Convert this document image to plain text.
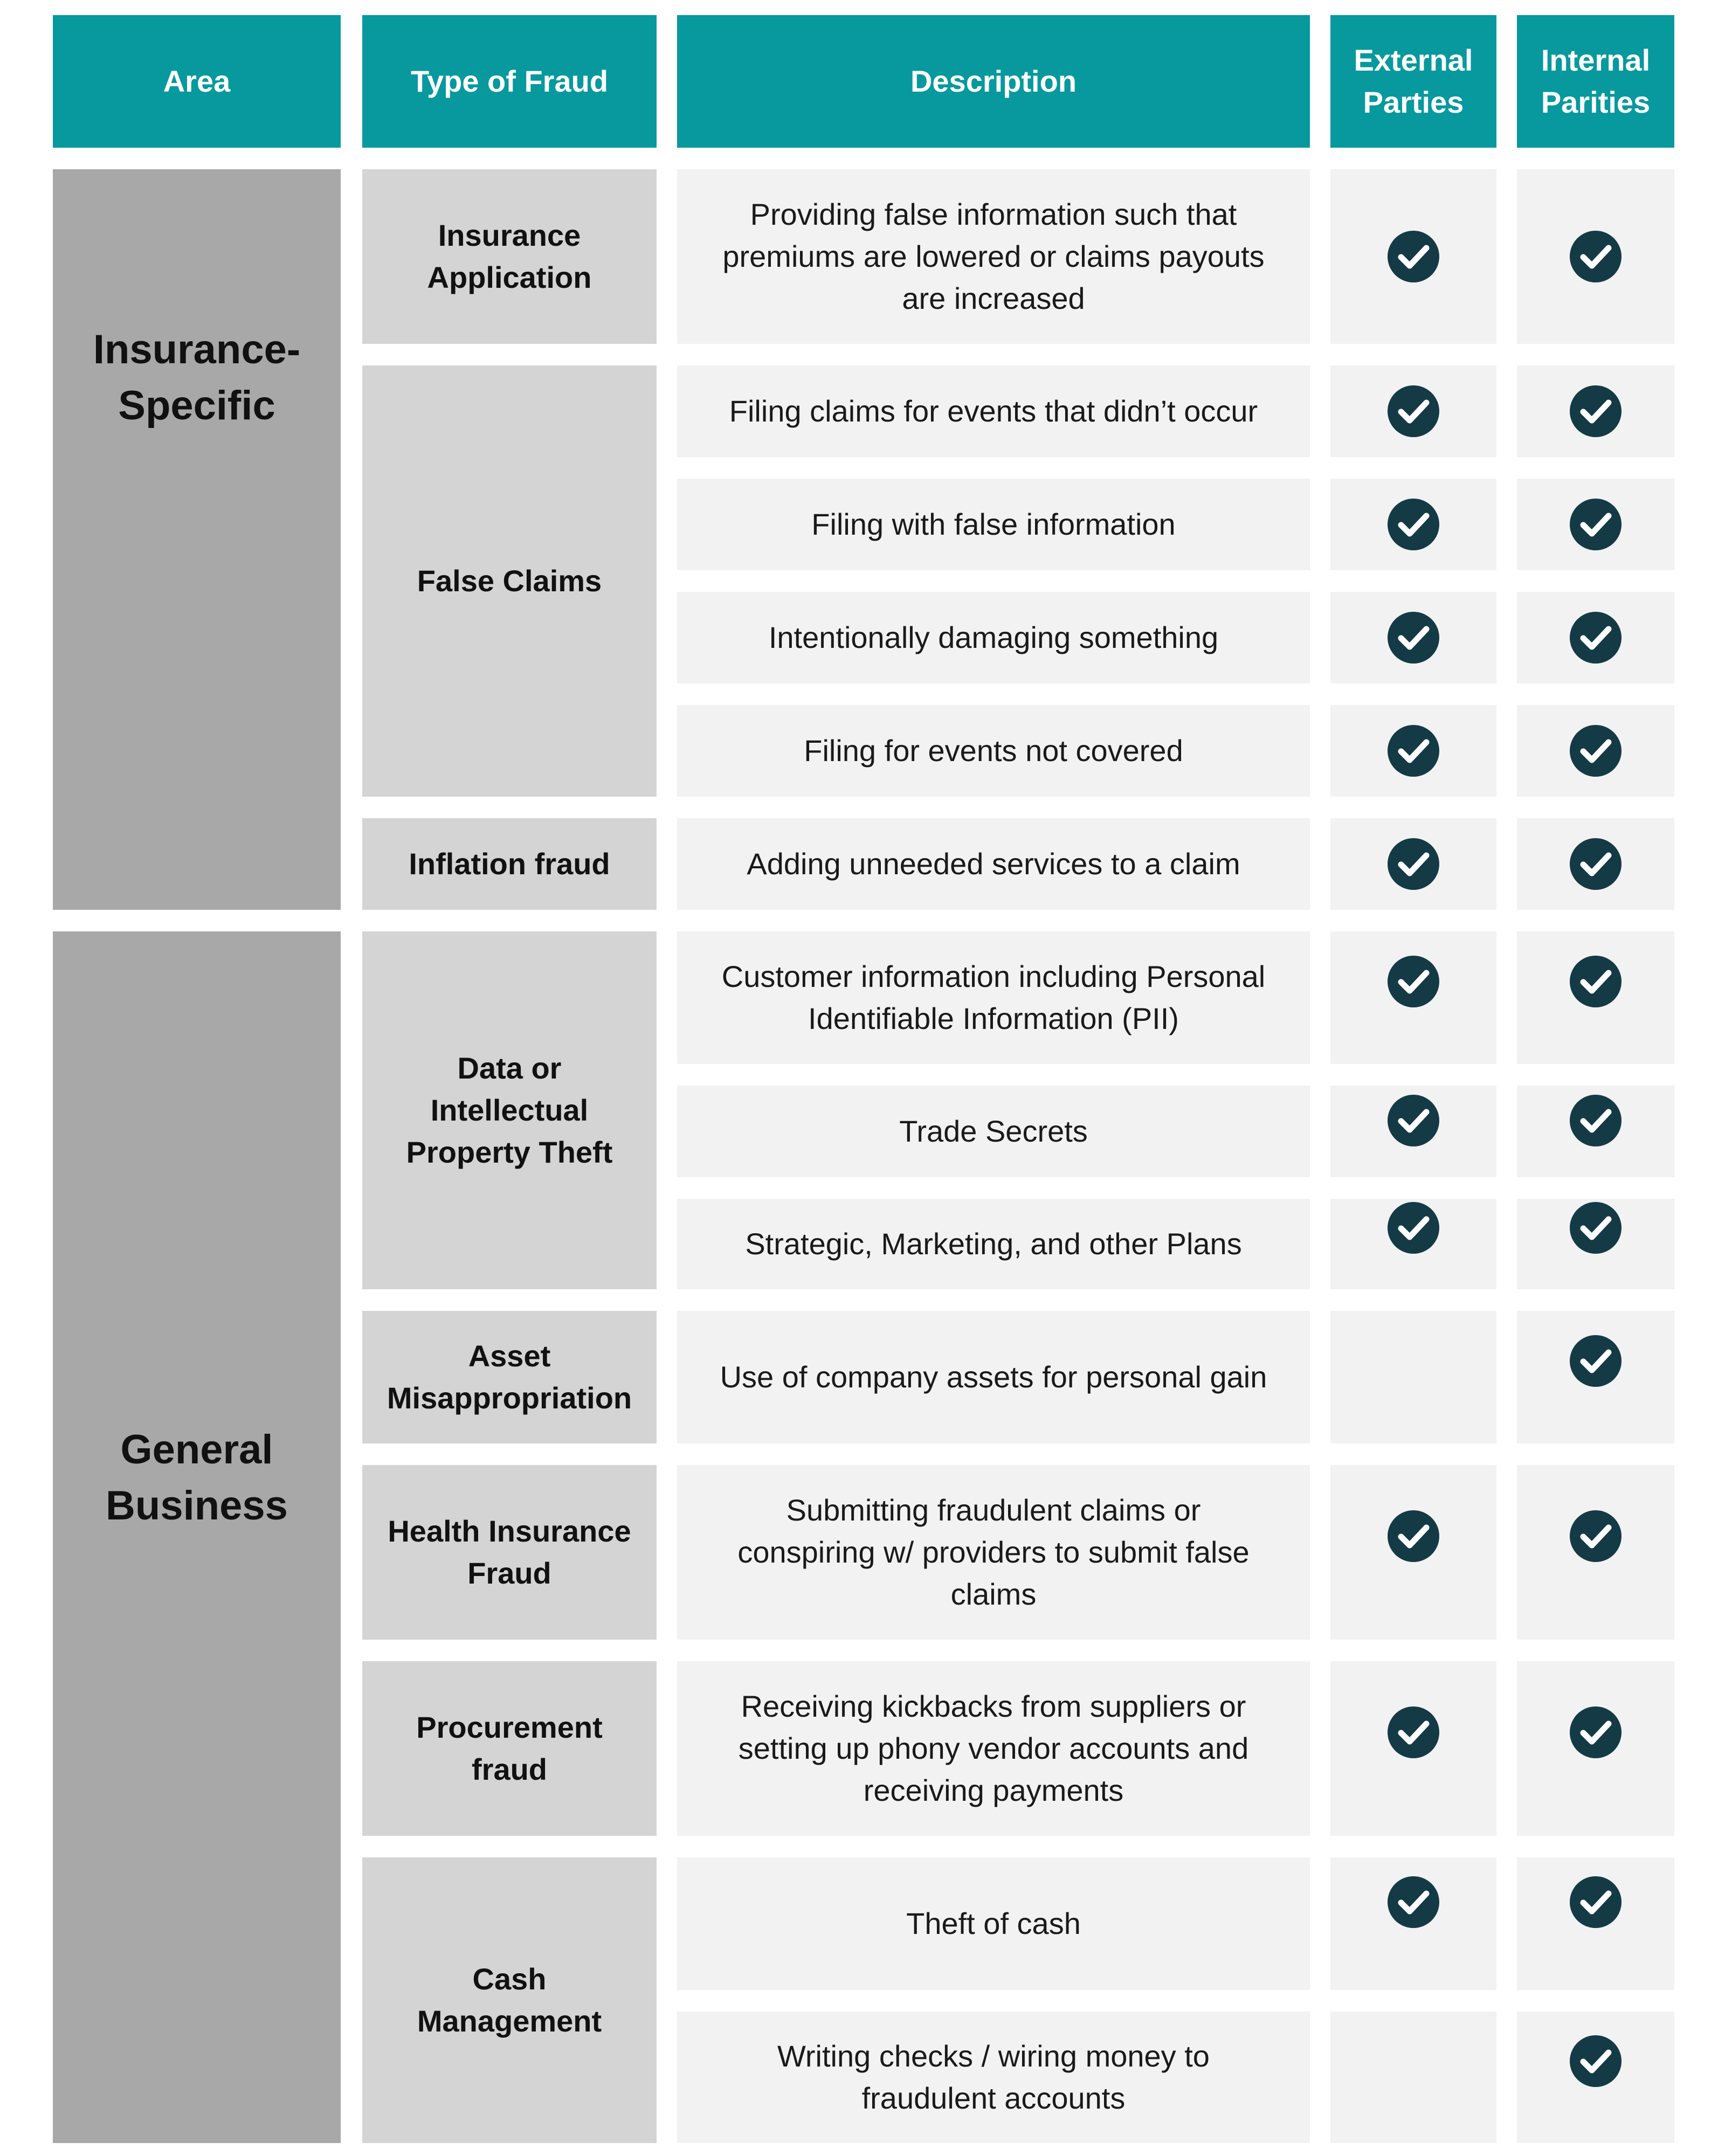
Area	Type of Fraud	Description
External
Parties
Internal
Parities
Insurance-
Specific
General
Business
Insurance
Application
False Claims
Inflation fraud
Data or
Intellectual
Property Theft
Asset
Misappropriation
Health Insurance
Fraud
Procurement
fraud
Cash
Management
Providing false information such that
premiums are lowered or claims payouts
are increased
Filing claims for events that didn’t occur
Filing with false information
Intentionally damaging something
Filing for events not covered
Adding unneeded services to a claim
Customer information including Personal
Identifiable Information (PII)
Trade Secrets
Strategic, Marketing, and other Plans
Use of company assets for personal gain
Submitting fraudulent claims or
conspiring w/ providers to submit false
claims
Receiving kickbacks from suppliers or
setting up phony vendor accounts and
receiving payments
Theft of cash
Writing checks / wiring money to
fraudulent accounts
